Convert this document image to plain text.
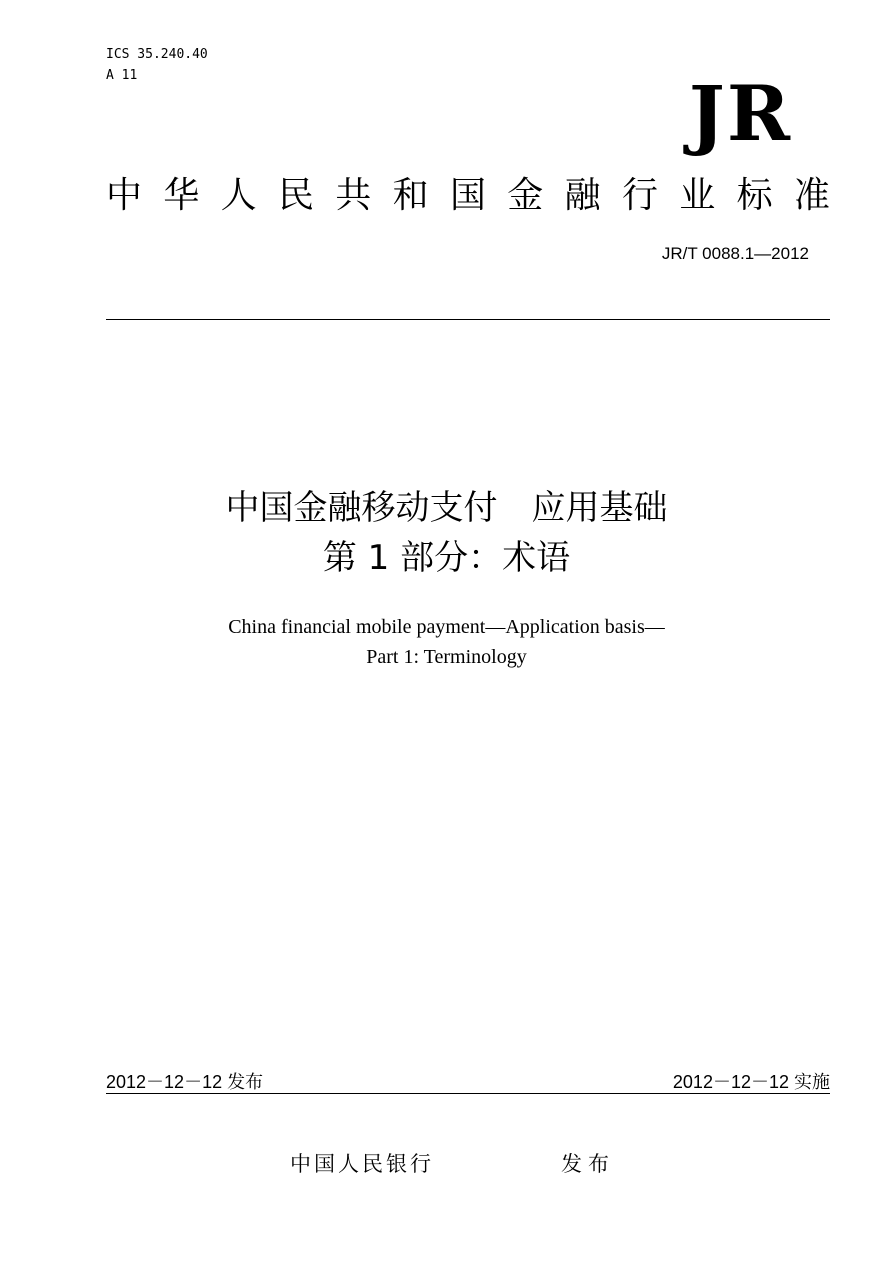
ICS 35.240.40
A 11	JR
中 华 人 民 共 和 国 金 融 行 业 标 准
JR/T 0088.1—2012
中国金融移动支付　应用基础
第 1 部分：术语
China financial mobile payment—Application basis—
Part 1: Terminology
2012－12－12 发布	2012－12－12 实施
中国人民银行	发布
